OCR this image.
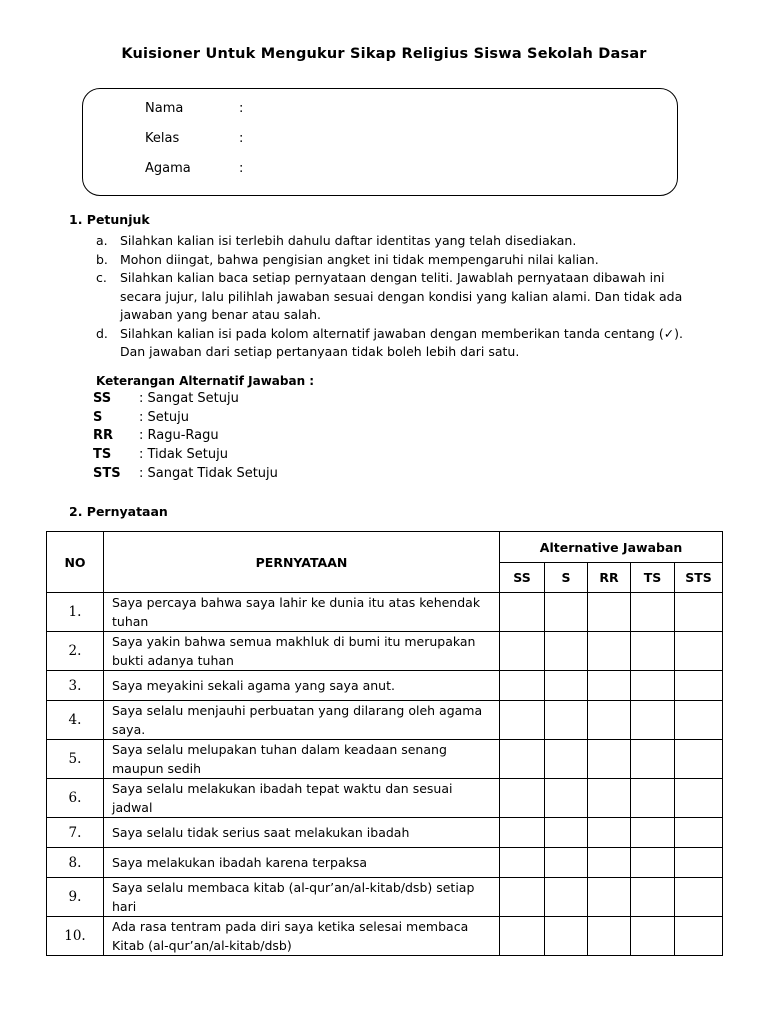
Kuisioner Untuk Mengukur Sikap Religius Siswa Sekolah Dasar
Nama	:
Kelas	:
Agama	:
1. Petunjuk
a. Silahkan kalian isi terlebih dahulu daftar identitas yang telah disediakan.
b. Mohon diingat, bahwa pengisian angket ini tidak mempengaruhi nilai kalian.
c.	Silahkan kalian baca setiap pernyataan dengan teliti. Jawablah pernyataan dibawah ini secara jujur, lalu pilihlah jawaban sesuai dengan kondisi yang kalian alami. Dan tidak ada jawaban yang benar atau salah.
d. Silahkan kalian isi pada kolom alternatif jawaban dengan memberikan tanda centang (✓). Dan jawaban dari setiap pertanyaan tidak boleh lebih dari satu.
Keterangan Alternatif Jawaban :
SS : Sangat Setuju
S	: Setuju
RR : Ragu-Ragu
TS : Tidak Setuju
STS : Sangat Tidak Setuju
2. Pernyataan
NO	PERNYATAAN	Alternative Jawaban				
		SS	S	RR	TS	STS
1.	Saya percaya bahwa saya lahir ke dunia itu atas kehendak tuhan					
2.	Saya yakin bahwa semua makhluk di bumi itu merupakan bukti adanya tuhan					
3.	Saya meyakini sekali agama yang saya anut.					
4.	Saya selalu menjauhi perbuatan yang dilarang oleh agama saya.					
5.	Saya selalu melupakan tuhan dalam keadaan senang maupun sedih					
6.	Saya selalu melakukan ibadah tepat waktu dan sesuai jadwal					
7.	Saya selalu tidak serius saat melakukan ibadah					
8.	Saya melakukan ibadah karena terpaksa					
9.	Saya selalu membaca kitab (al-qur’an/al-kitab/dsb) setiap hari					
10.	Ada rasa tentram pada diri saya ketika selesai membaca Kitab (al-qur’an/al-kitab/dsb)					
